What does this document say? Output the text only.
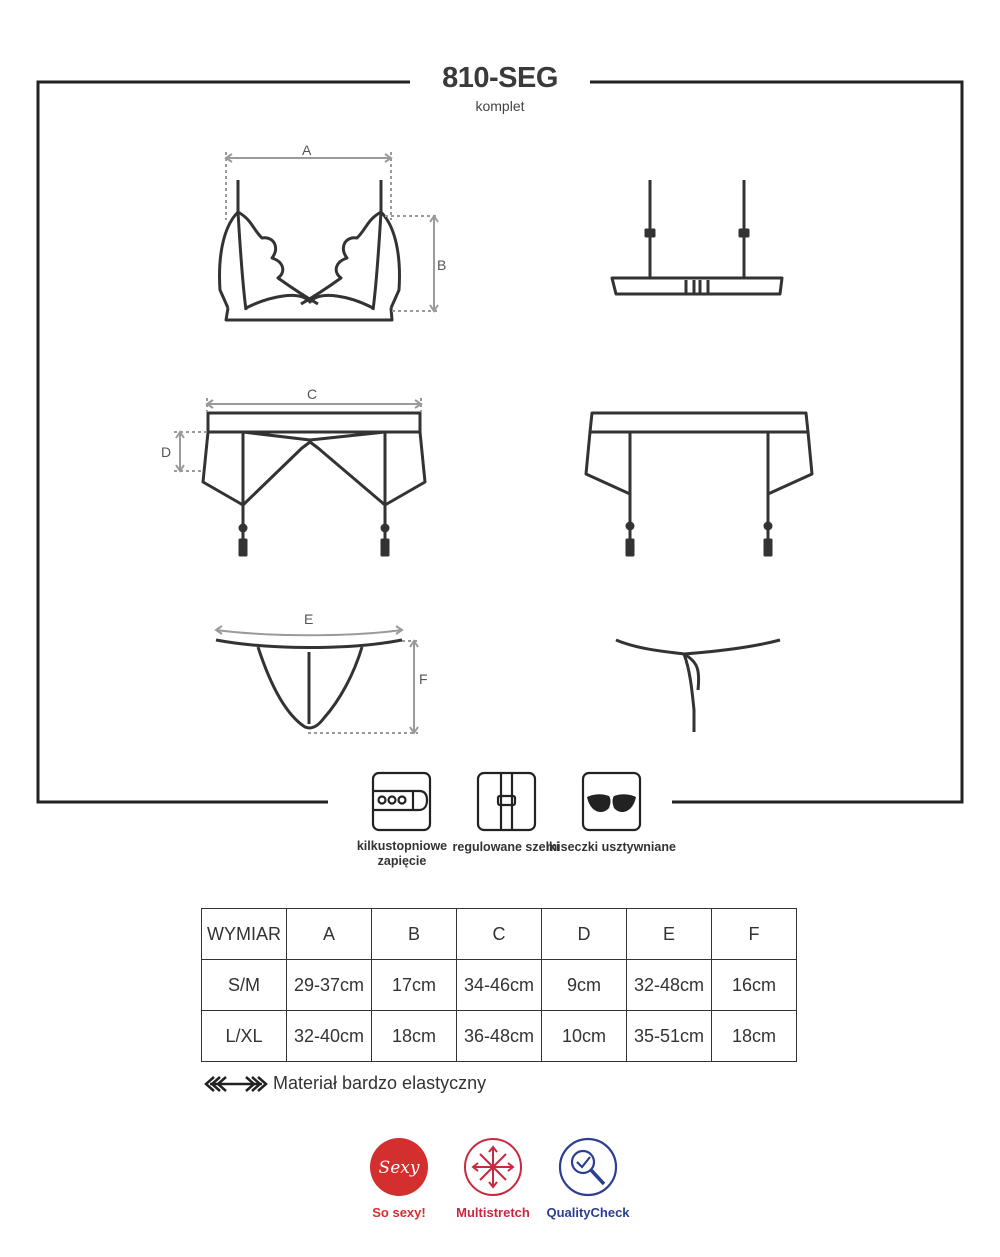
Sexy
810-SEG
komplet
A
B
C
D
E
F
kilkustopniowe zapięcie
regulowane szelki
miseczki usztywniane
WYMIAR	A	B	C	D	E	F
S/M	29-37cm	17cm	34-46cm	9cm	32-48cm	16cm
L/XL	32-40cm	18cm	36-48cm	10cm	35-51cm	18cm
Materiał bardzo elastyczny
So sexy!	Multistretch	QualityCheck
